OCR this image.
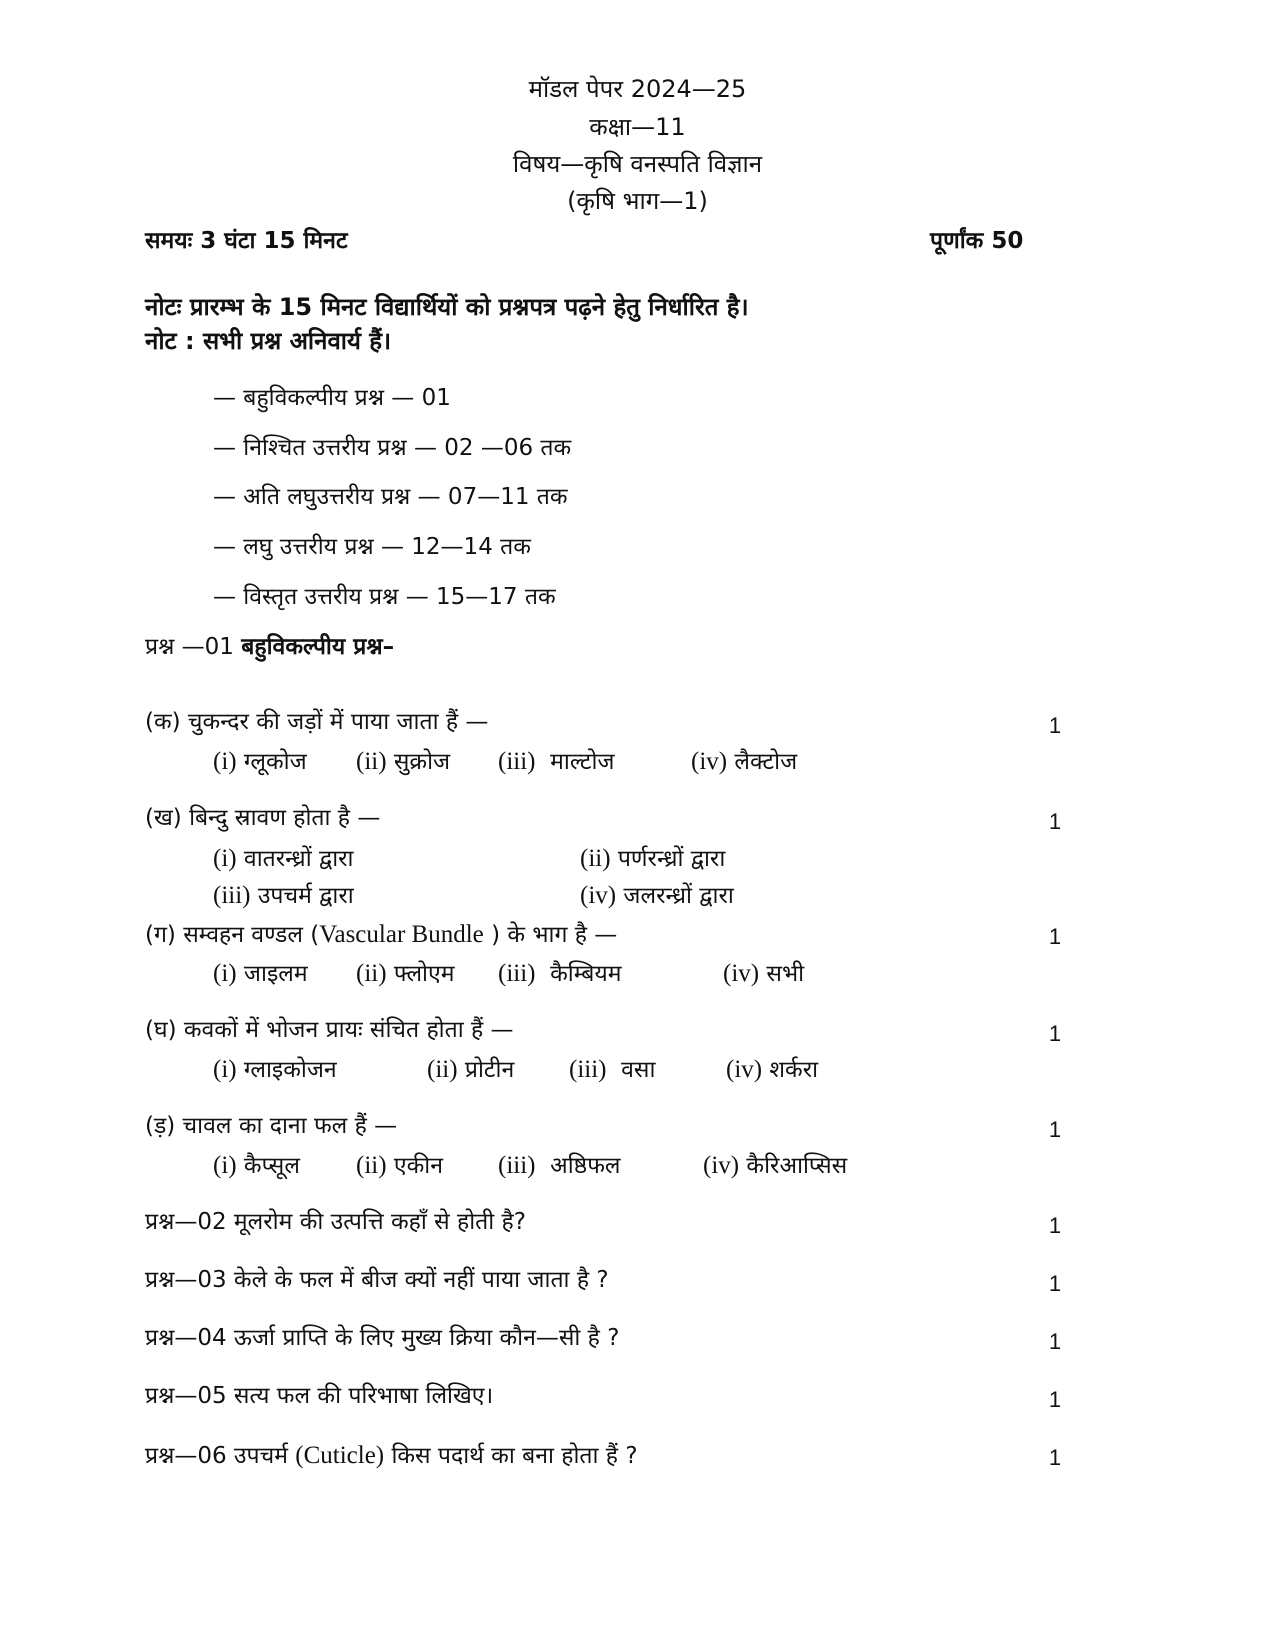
मॉडल पेपर 2024—25
कक्षा—11
विषय—कृषि वनस्पति विज्ञान
(कृषि भाग—1)
समयः 3 घंटा 15 मिनट	पूर्णांक 50
नोटः प्रारम्भ के 15 मिनट विद्यार्थियों को प्रश्नपत्र पढ़ने हेतु निर्धारित है।
नोट : सभी प्रश्न अनिवार्य हैं।
— बहुविकल्पीय प्रश्न — 01
— निश्चित उत्तरीय प्रश्न — 02 —06 तक
— अति लघुउत्तरीय प्रश्न — 07—11 तक
— लघु उत्तरीय प्रश्न — 12—14 तक
— विस्तृत उत्तरीय प्रश्न — 15—17 तक
प्रश्न —01 बहुविकल्पीय प्रश्न–
(क) चुकन्दर की जड़ों में पाया जाता हैं —	1
(i) ग्लूकोज (ii) सुक्रोज (iii) माल्टोज	(iv) लैक्टोज
(ख) बिन्दु स्रावण होता है —	1
(i) वातरन्ध्रों द्वारा	(ii) पर्णरन्ध्रों द्वारा
(iii) उपचर्म द्वारा	(iv) जलरन्ध्रों द्वारा
(ग) सम्वहन वण्डल (Vascular Bundle ) के भाग है —	1
(i) जाइलम (ii) फ्लोएम (iii) कैम्बियम	(iv) सभी
(घ) कवकों में भोजन प्रायः संचित होता हैं —	1
(i) ग्लाइकोजन	(ii) प्रोटीन (iii) वसा	(iv) शर्करा
(ड़) चावल का दाना फल हैं —	1
(i) कैप्सूल (ii) एकीन (iii) अष्ठिफल	(iv) कैरिआप्सिस
प्रश्न—02 मूलरोम की उत्पत्ति कहाँ से होती है?	1
प्रश्न—03 केले के फल में बीज क्यों नहीं पाया जाता है ?	1
प्रश्न—04 ऊर्जा प्राप्ति के लिए मुख्य क्रिया कौन—सी है ?	1
प्रश्न—05 सत्य फल की परिभाषा लिखिए।	1
प्रश्न—06 उपचर्म (Cuticle) किस पदार्थ का बना होता हैं ?	1
